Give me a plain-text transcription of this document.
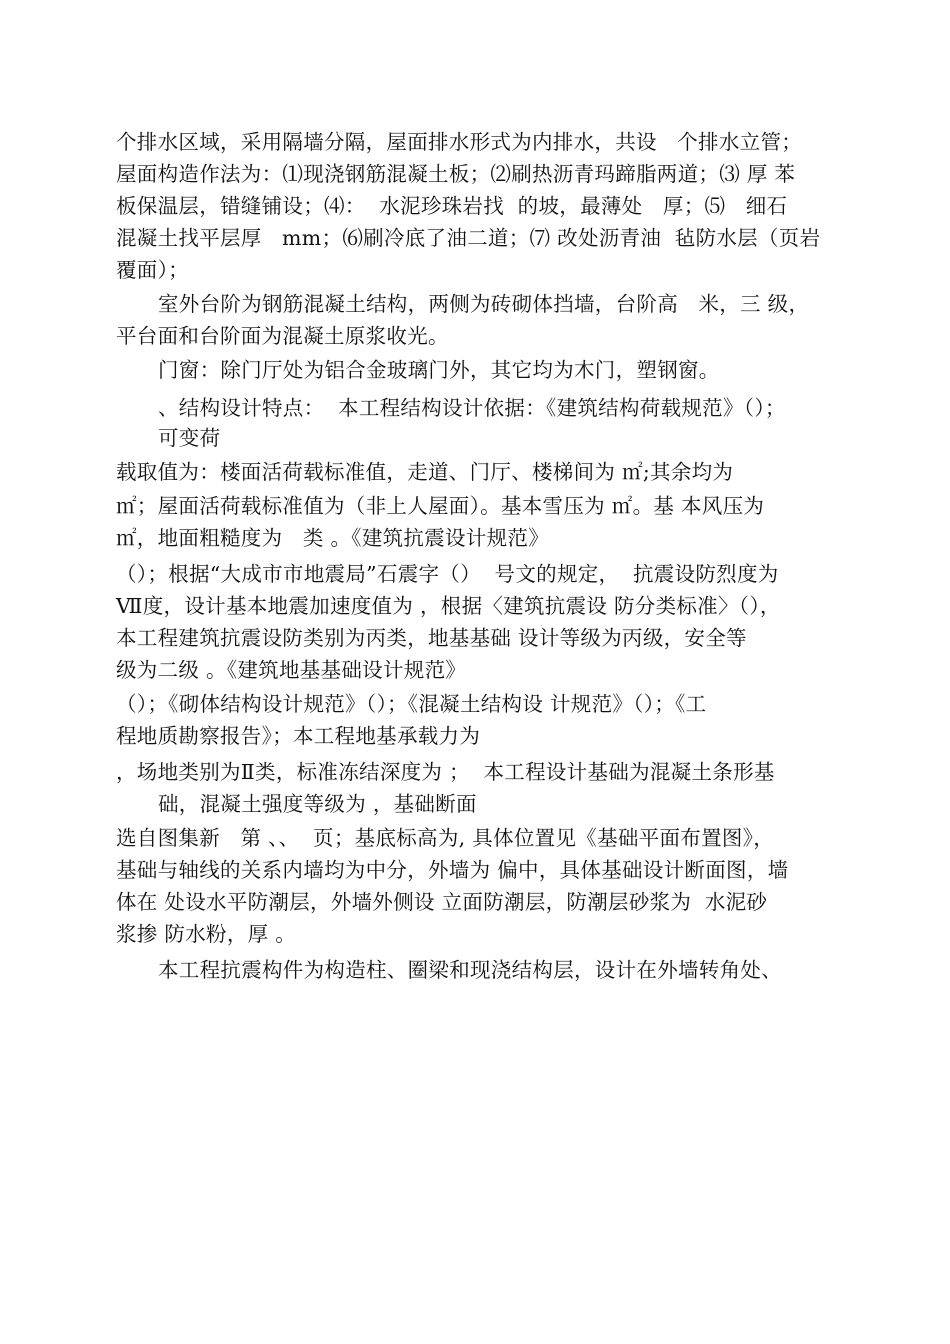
个排水区域，采用隔墙分隔，屋面排水形式为内排水，共设   个排水立管；
屋面构造作法为：⑴现浇钢筋混凝土板；⑵刷热沥青玛蹄脂两道；⑶ 厚 苯
板保温层，错缝铺设；⑷：  水泥珍珠岩找  的坡，最薄处   厚；⑸   细石
混凝土找平层厚   mm；⑹刷冷底了油二道；⑺ 改处沥青油  毡防水层（页岩
覆面）；
室外台阶为钢筋混凝土结构，两侧为砖砌体挡墙，台阶高   米，三 级，
平台面和台阶面为混凝土原浆收光。
门窗：除门厅处为铝合金玻璃门外，其它均为木门，塑钢窗。
、结构设计特点：  本工程结构设计依据：《建筑结构荷载规范》（）；
可变荷
载取值为：楼面活荷载标准值，走道、门厅、楼梯间为 ㎡;其余均为
㎡；屋面活荷载标准值为（非上人屋面）。基本雪压为 ㎡。基 本风压为
㎡，地面粗糙度为   类 。《建筑抗震设计规范》
（）；根据“大成市市地震局”石震字（）  号文的规定，  抗震设防烈度为
Ⅶ度，设计基本地震加速度值为 ，根据〈建筑抗震设 防分类标准〉（），
本工程建筑抗震设防类别为丙类，地基基础 设计等级为丙级，安全等
级为二级 。《建筑地基基础设计规范》
（）；《砌体结构设计规范》（）；《混凝土结构设 计规范》（）；《工
程地质勘察报告》；本工程地基承载力为
，场地类别为Ⅱ类，标准冻结深度为 ；  本工程设计基础为混凝土条形基
础，混凝土强度等级为 ，基础断面
选自图集新   第 、、  页；基底标高为, 具体位置见《基础平面布置图》，
基础与轴线的关系内墙均为中分，外墙为 偏中，具体基础设计断面图，墙
体在 处设水平防潮层，外墙外侧设 立面防潮层，防潮层砂浆为  水泥砂
浆掺 防水粉，厚 。
本工程抗震构件为构造柱、圈梁和现浇结构层，设计在外墙转角处、
